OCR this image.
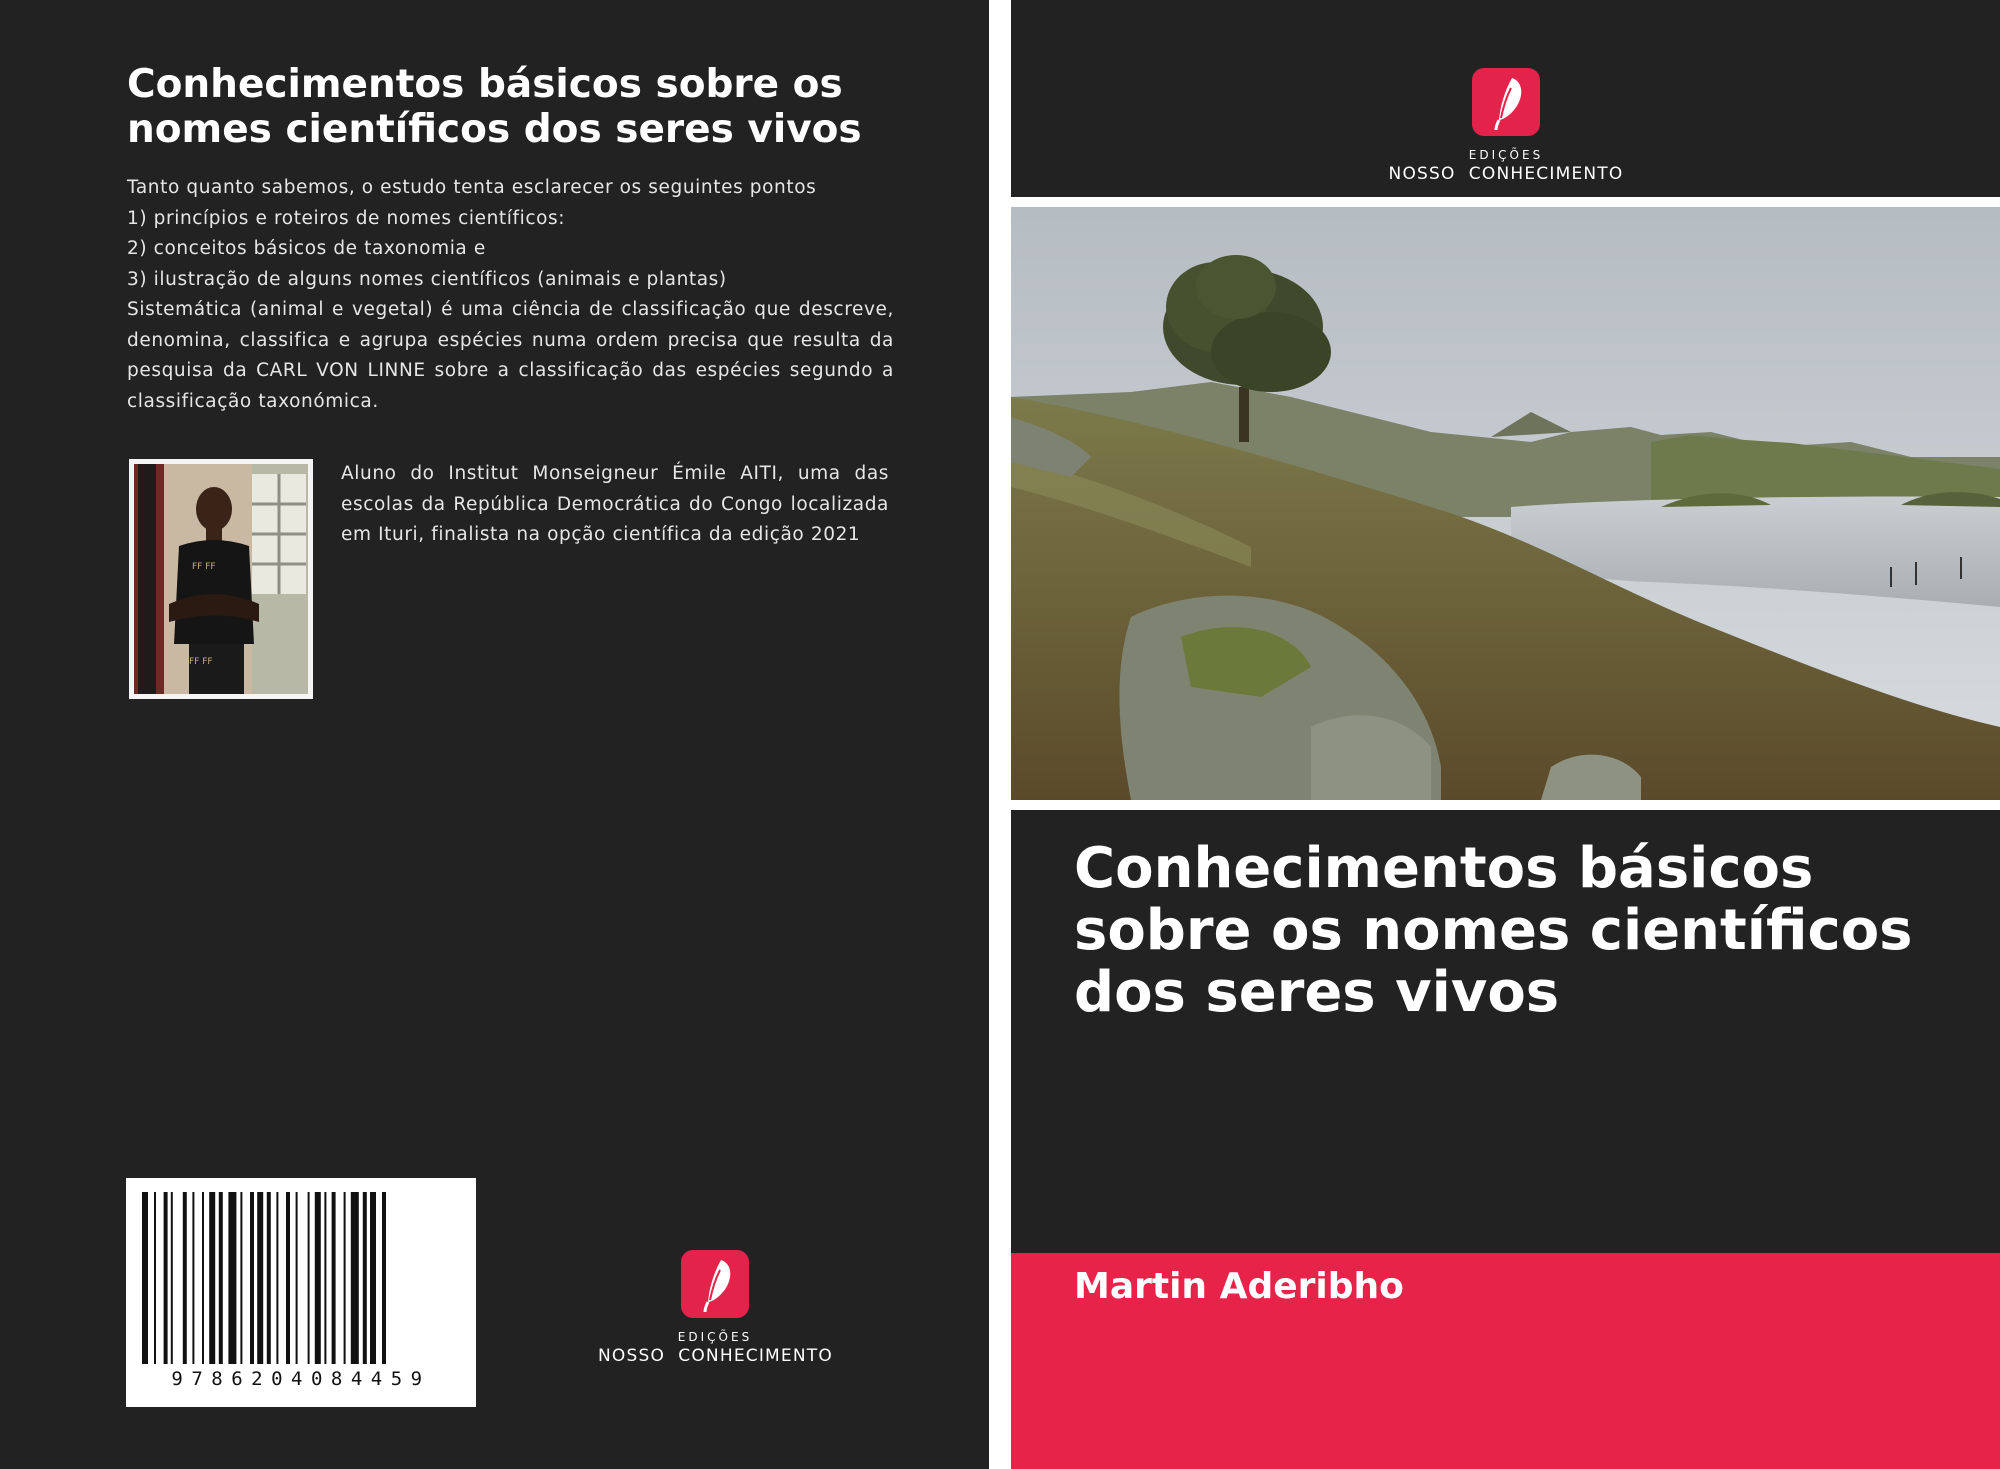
Conhecimentos básicos sobre os nomes científicos dos seres vivos
Tanto quanto sabemos, o estudo tenta esclarecer os seguintes pontos
1) princípios e roteiros de nomes científicos:
2) conceitos básicos de taxonomia e
3) ilustração de alguns nomes científicos (animais e plantas)
Sistemática (animal e vegetal) é uma ciência de classificação que descreve, denomina, classifica e agrupa espécies numa ordem precisa que resulta da pesquisa da CARL VON LINNE sobre a classificação das espécies segundo a classificação taxonómica.
FF FF
FF FF
Aluno do Institut Monseigneur Émile AITI, uma das escolas da República Democrática do Congo localizada em Ituri, finalista na opção científica da edição 2021
9786204084459
EDIÇÕES
NOSSO  CONHECIMENTO
EDIÇÕES
NOSSO  CONHECIMENTO
Conhecimentos básicos sobre os nomes científicos dos seres vivos
Martin Aderibho
